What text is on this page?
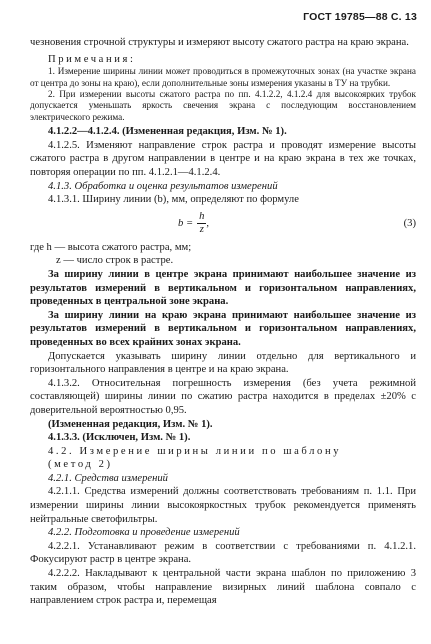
ГОСТ 19785—88 С. 13

чезновения строчной структуры и измеряют высоту сжатого растра на краю экрана.

Примечания:

1. Измерение ширины линии может проводиться в промежуточных зонах (на участке экрана от центра до зоны на краю), если дополнительные зоны измерения указаны в ТУ на трубки.

2. При измерении высоты сжатого растра по пп. 4.1.2.2, 4.1.2.4 для высокоярких трубок допускается уменьшать яркость свечения экрана с последующим восстановлением электрического режима.

4.1.2.2—4.1.2.4. (Измененная редакция, Изм. № 1).

4.1.2.5. Изменяют направление строк растра и проводят измерение высоты сжатого растра в другом направлении в центре и на краю экрана в тех же точках, повторяя операции по пп. 4.1.2.1—4.1.2.4.

4.1.3. Обработка и оценка результатов измерений

4.1.3.1. Ширину линии (b), мм, определяют по формуле

$b = \frac{h}{z}$ ,	(3)

где h — высота сжатого растра, мм;

z — число строк в растре.

За ширину линии в центре экрана принимают наибольшее значение из результатов измерений в вертикальном и горизонтальном направлениях, проведенных в центральной зоне экрана.

За ширину линии на краю экрана принимают наибольшее значение из результатов измерений в вертикальном и горизонтальном направлениях, проведенных во всех крайних зонах экрана.

Допускается указывать ширину линии отдельно для вертикального и горизонтального направления в центре и на краю экрана.

4.1.3.2. Относительная погрешность измерения (без учета режимной составляющей) ширины линии по сжатию растра находится в пределах ±20% с доверительной вероятностью 0,95.

(Измененная редакция, Изм. № 1).

4.1.3.3. (Исключен, Изм. № 1).

4.2. Измерение ширины линии по шаблону

(метод 2)

4.2.1. Средства измерений

4.2.1.1. Средства измерений должны соответствовать требованиям п. 1.1. При измерении ширины линии высокояркостных трубок рекомендуется применять нейтральные светофильтры.

4.2.2. Подготовка и проведение измерений

4.2.2.1. Устанавливают режим в соответствии с требованиями п. 4.1.2.1. Фокусируют растр в центре экрана.

4.2.2.2. Накладывают к центральной части экрана шаблон по приложению 3 таким образом, чтобы направление визирных линий шаблона совпало с направлением строк растра и, перемещая
